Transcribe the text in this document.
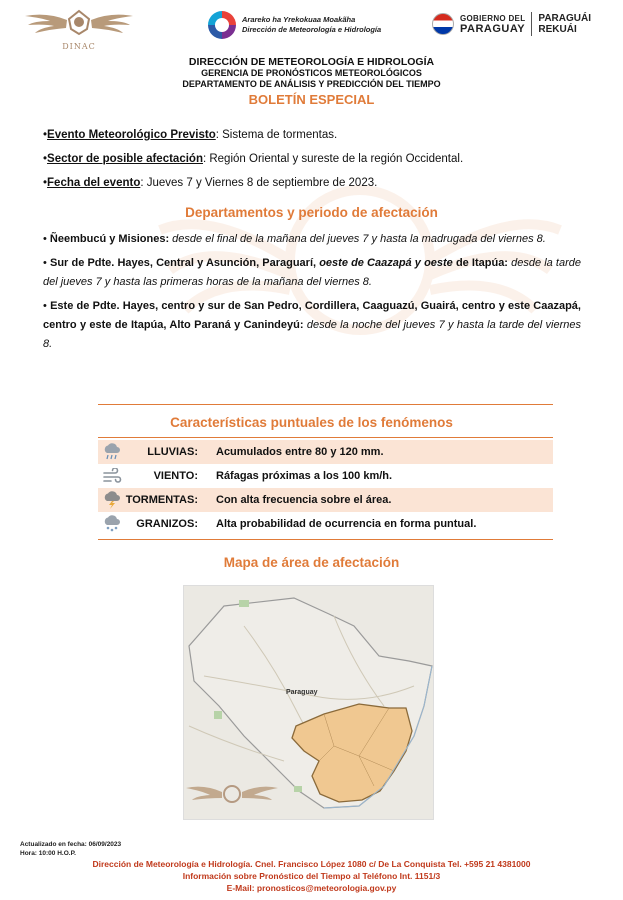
DINAC
Arareko ha Yrekokuaa Moakãha
Dirección de Meteorología e Hidrología
GOBIERNO DEL
PARAGUAY
PARAGUÁI
REKUÁI
DIRECCIÓN DE METEOROLOGÍA E HIDROLOGÍA
GERENCIA DE PRONÓSTICOS METEOROLÓGICOS
DEPARTAMENTO DE ANÁLISIS Y PREDICCIÓN DEL TIEMPO
BOLETÍN ESPECIAL
•Evento Meteorológico Previsto: Sistema de tormentas.
•Sector de posible afectación: Región Oriental y sureste de la región Occidental.
•Fecha del evento: Jueves 7 y Viernes 8 de septiembre de 2023.
Departamentos y periodo de afectación

• Ñeembucú y Misiones: desde el final de la mañana del jueves 7 y hasta la madrugada del viernes 8.

• Sur de Pdte. Hayes, Central y Asunción, Paraguarí, oeste de Caazapá y oeste de Itapúa: desde la tarde del jueves 7 y hasta las primeras horas de la mañana del viernes 8.

• Este de Pdte. Hayes, centro y sur de San Pedro, Cordillera, Caaguazú, Guairá, centro y este Caazapá, centro y este de Itapúa, Alto Paraná y Canindeyú: desde la noche del jueves 7 y hasta la tarde del viernes 8.

Características puntuales de los fenómenos
LLUVIAS:	Acumulados entre 80 y 120 mm.
VIENTO:	Ráfagas próximas a los 100 km/h.
TORMENTAS:	Con alta frecuencia sobre el área.
GRANIZOS:	Alta probabilidad de ocurrencia en forma puntual.
Mapa de área de afectación
Paraguay
Actualizado en fecha: 06/09/2023
Hora: 10:00 H.O.P.
Dirección de Meteorología e Hidrología. Cnel. Francisco López 1080 c/ De La Conquista Tel. +595 21 4381000
Información sobre Pronóstico del Tiempo al Teléfono Int. 1151/3
E-Mail: pronosticos@meteorologia.gov.py
